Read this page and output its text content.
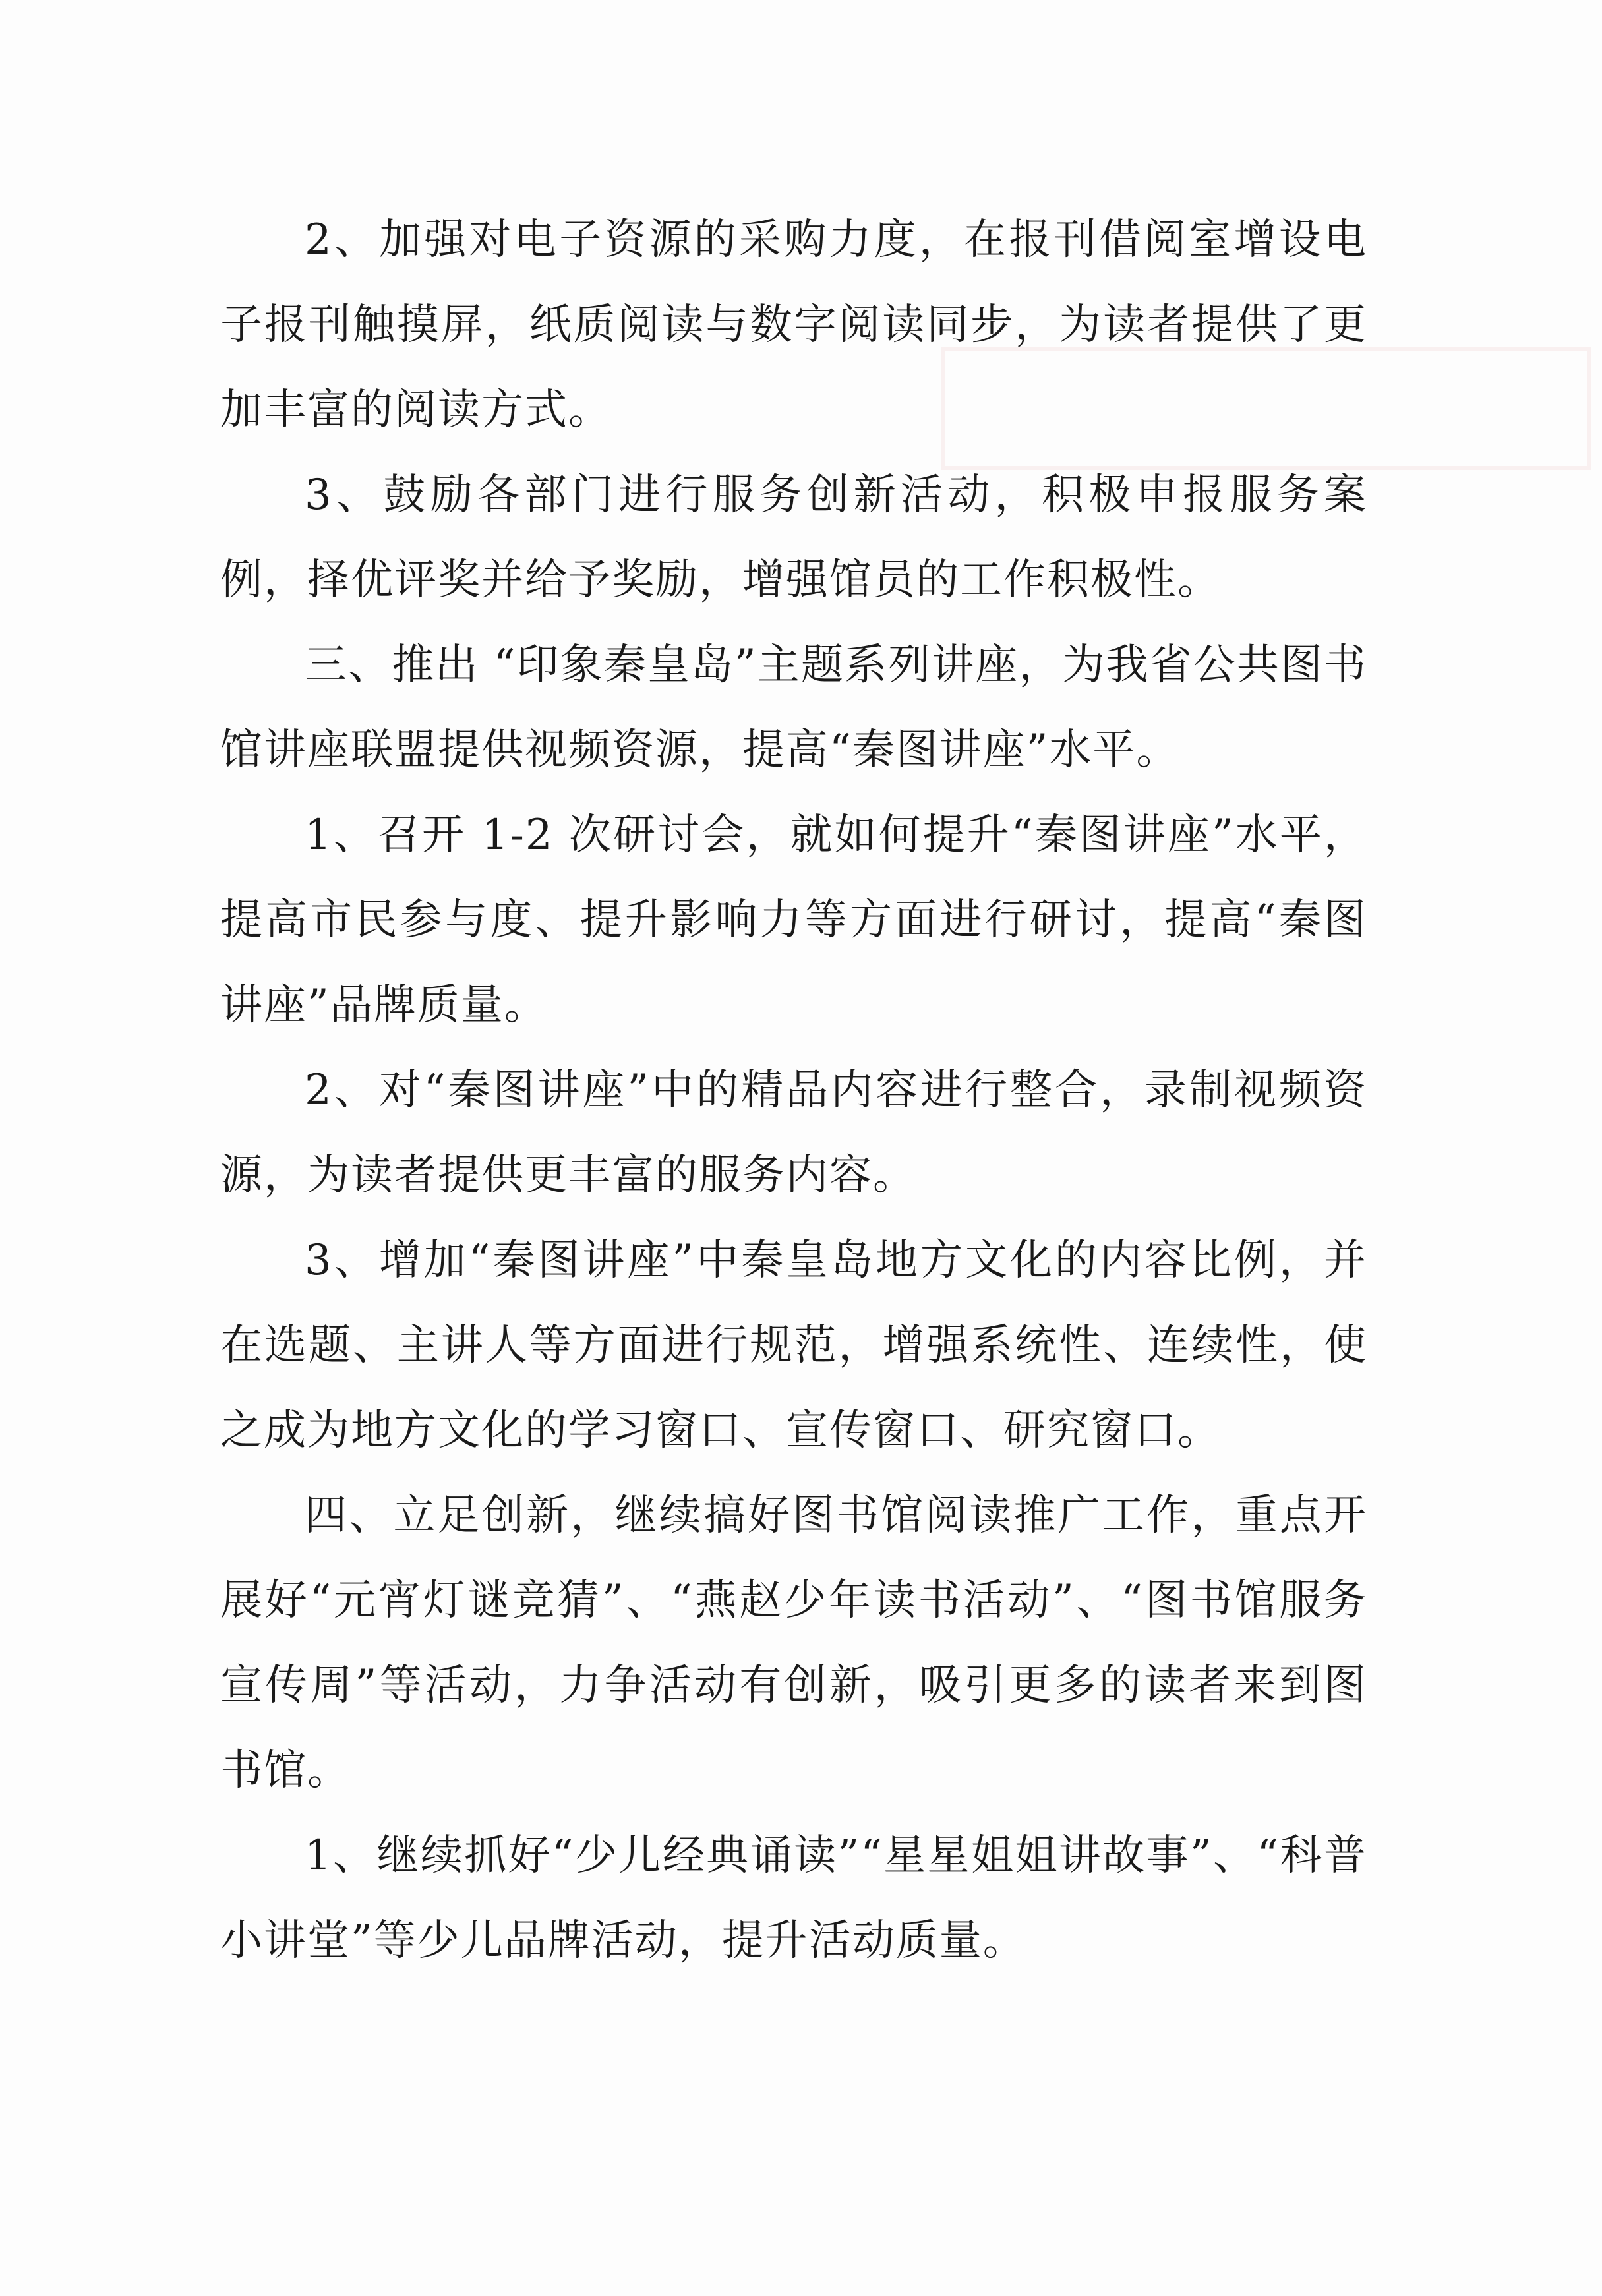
2、加强对电子资源的采购力度，在报刊借阅室增设电子报刊触摸屏，纸质阅读与数字阅读同步，为读者提供了更加丰富的阅读方式。

3、鼓励各部门进行服务创新活动，积极申报服务案例，择优评奖并给予奖励，增强馆员的工作积极性。

三、推出 “印象秦皇岛”主题系列讲座，为我省公共图书馆讲座联盟提供视频资源，提高“秦图讲座”水平。

1、召开 1-2 次研讨会，就如何提升“秦图讲座”水平，提高市民参与度、提升影响力等方面进行研讨，提高“秦图讲座”品牌质量。

2、对“秦图讲座”中的精品内容进行整合，录制视频资源，为读者提供更丰富的服务内容。

3、增加“秦图讲座”中秦皇岛地方文化的内容比例，并在选题、主讲人等方面进行规范，增强系统性、连续性，使之成为地方文化的学习窗口、宣传窗口、研究窗口。

四、立足创新，继续搞好图书馆阅读推广工作，重点开展好“元宵灯谜竞猜”、“燕赵少年读书活动”、“图书馆服务宣传周”等活动，力争活动有创新，吸引更多的读者来到图书馆。

1、继续抓好“少儿经典诵读”“星星姐姐讲故事”、“科普小讲堂”等少儿品牌活动，提升活动质量。
